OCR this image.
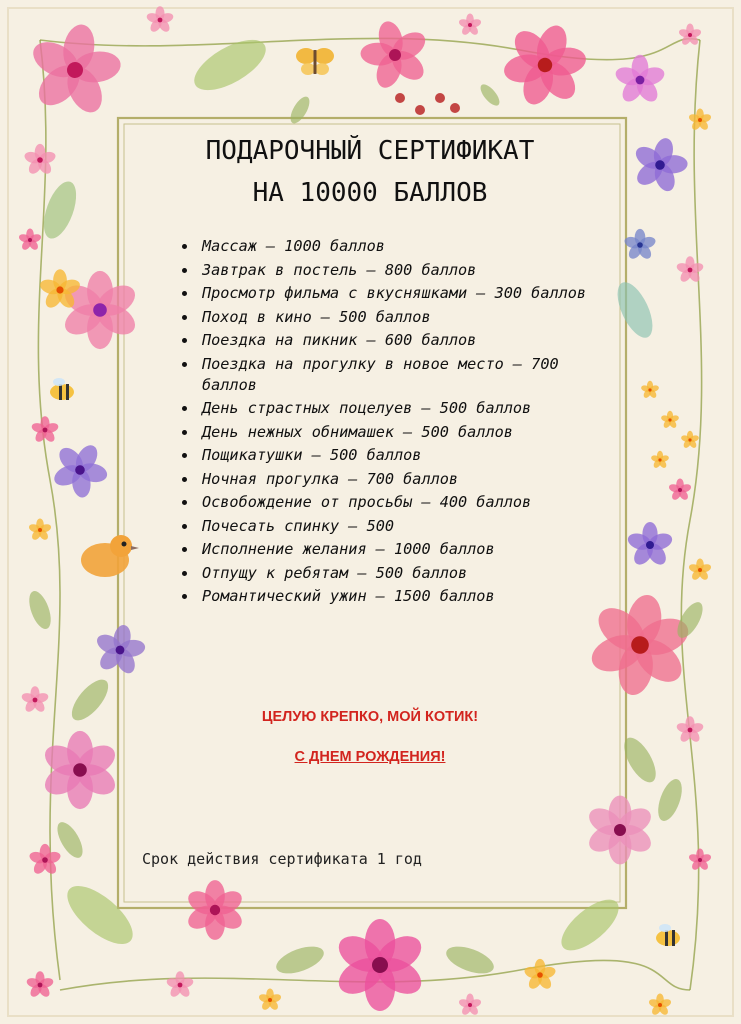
ПОДАРОЧНЫЙ СЕРТИФИКАТ
НА 10000 БАЛЛОВ
Массаж – 1000 баллов
Завтрак в постель – 800 баллов
Просмотр фильма с вкусняшками – 300 баллов
Поход в кино – 500 баллов
Поездка на пикник – 600 баллов
Поездка на прогулку в новое место – 700 баллов
День страстных поцелуев – 500 баллов
День нежных обнимашек – 500 баллов
Пощикатушки – 500 баллов
Ночная прогулка – 700 баллов
Освобождение от просьбы – 400 баллов
Почесать спинку – 500
Исполнение желания – 1000 баллов
Отпущу к ребятам – 500 баллов
Романтический ужин – 1500 баллов
ЦЕЛУЮ КРЕПКО, МОЙ КОТИК!
С ДНЕМ РОЖДЕНИЯ!
Срок действия сертификата 1 год
